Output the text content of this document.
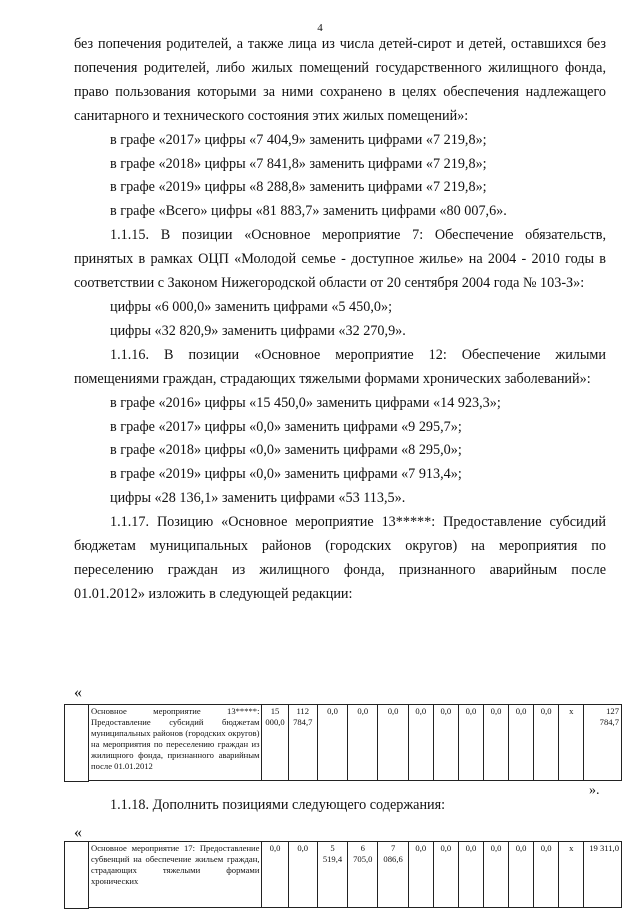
4

без попечения родителей, а также лица из числа детей-сирот и детей, оставшихся без попечения родителей, либо жилых помещений государственного жилищного фонда, право пользования которыми за ними сохранено в целях обеспечения надлежащего санитарного и технического состояния этих жилых помещений»:

в графе «2017» цифры «7 404,9» заменить цифрами «7 219,8»;

в графе «2018» цифры «7 841,8» заменить цифрами «7 219,8»;

в графе «2019» цифры «8 288,8» заменить цифрами «7 219,8»;

в графе «Всего» цифры «81 883,7» заменить цифрами «80 007,6».

1.1.15. В позиции «Основное мероприятие 7: Обеспечение обязательств, принятых в рамках ОЦП «Молодой семье - доступное жилье» на 2004 - 2010 годы в соответствии с Законом Нижегородской области от 20 сентября 2004 года № 103-З»:

цифры «6 000,0» заменить цифрами «5 450,0»;

цифры «32 820,9» заменить цифрами «32 270,9».

1.1.16. В позиции «Основное мероприятие 12: Обеспечение жилыми помещениями граждан, страдающих тяжелыми формами хронических заболеваний»:

в графе «2016» цифры «15 450,0» заменить цифрами «14 923,3»;

в графе «2017» цифры «0,0» заменить цифрами «9 295,7»;

в графе «2018» цифры «0,0» заменить цифрами «8 295,0»;

в графе «2019» цифры «0,0» заменить цифрами «7 913,4»;

цифры «28 136,1» заменить цифрами «53 113,5».

1.1.17. Позицию «Основное мероприятие 13*****: Предоставление субсидий бюджетам муниципальных районов (городских округов) на мероприятия по переселению граждан из жилищного фонда, признанного аварийным после 01.01.2012» изложить в следующей редакции:

«
Основное мероприятие 13*****: Предоставление субсидий бюджетам муниципальных районов (городских округов) на мероприятия по переселению граждан из жилищного фонда, признанного аварийным после 01.01.2012	15 000,0	112 784,7	0,0	0,0	0,0	0,0	0,0	0,0	0,0	0,0	0,0	x	127 784,7
».

1.1.18. Дополнить позициями следующего содержания:

«
Основное мероприятие 17: Предоставление субвенций на обеспечение жильем граждан, страдающих тяжелыми формами хронических	0,0	0,0	5 519,4	6 705,0	7 086,6	0,0	0,0	0,0	0,0	0,0	0,0	x	19 311,0
